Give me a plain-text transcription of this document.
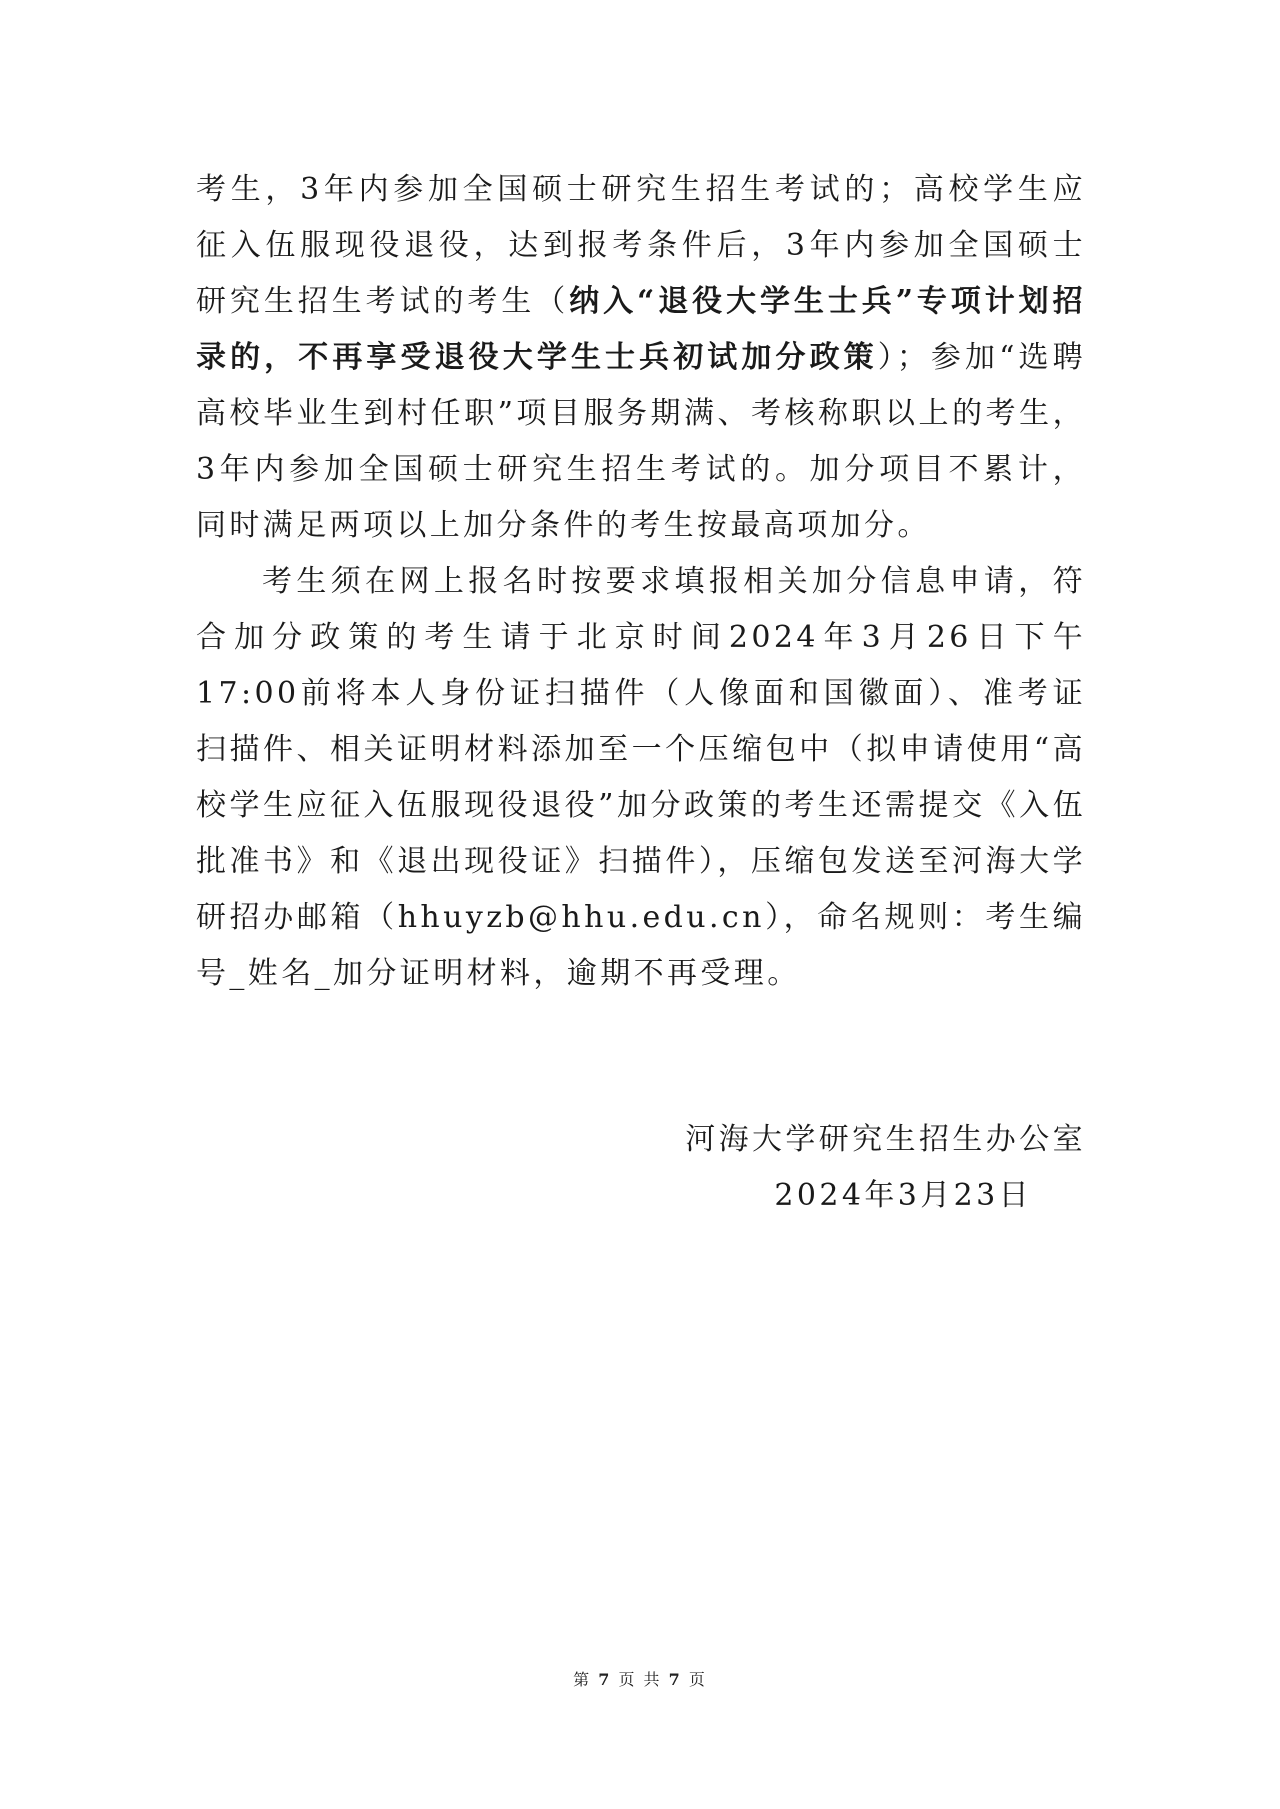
考生，3年内参加全国硕士研究生招生考试的；高校学生应征入伍服现役退役，达到报考条件后，3年内参加全国硕士研究生招生考试的考生（纳入“退役大学生士兵”专项计划招录的，不再享受退役大学生士兵初试加分政策）；参加“选聘高校毕业生到村任职”项目服务期满、考核称职以上的考生，3年内参加全国硕士研究生招生考试的。加分项目不累计，同时满足两项以上加分条件的考生按最高项加分。

考生须在网上报名时按要求填报相关加分信息申请，符合加分政策的考生请于北京时间2024年3月26日下午17:00前将本人身份证扫描件（人像面和国徽面）、准考证扫描件、相关证明材料添加至一个压缩包中（拟申请使用“高校学生应征入伍服现役退役”加分政策的考生还需提交《入伍批准书》和《退出现役证》扫描件），压缩包发送至河海大学研招办邮箱（hhuyzb@hhu.edu.cn），命名规则：考生编号_姓名_加分证明材料，逾期不再受理。

河海大学研究生招生办公室
2024年3月23日
第 7 页 共 7 页
